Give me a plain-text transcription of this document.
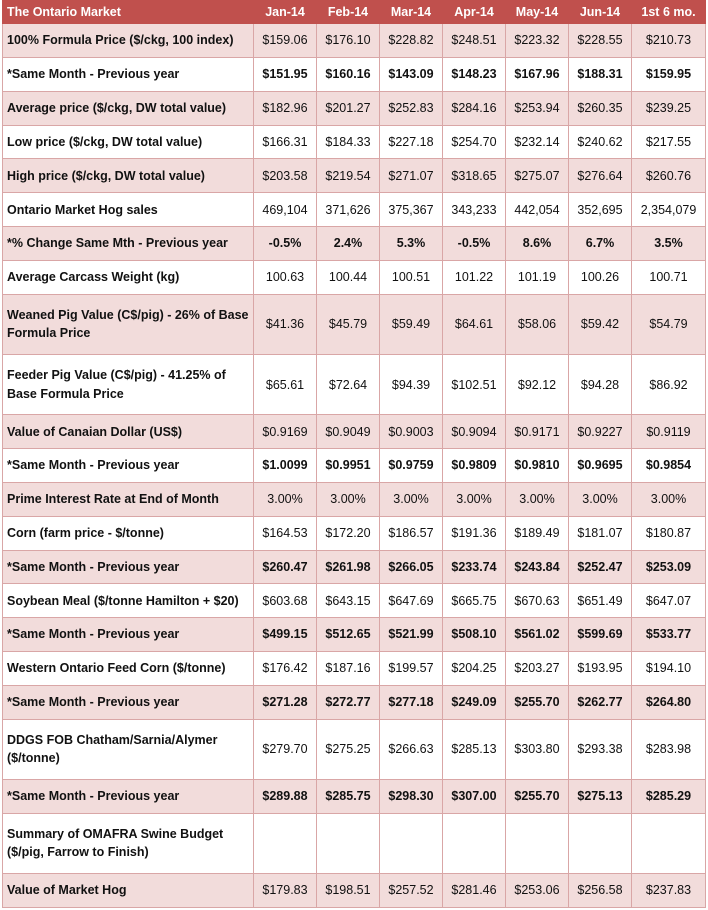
The Ontario Market	Jan-14	Feb-14	Mar-14	Apr-14	May-14	Jun-14	1st 6 mo.
100% Formula Price ($/ckg, 100 index)	$159.06	$176.10	$228.82	$248.51	$223.32	$228.55	$210.73
*Same Month - Previous year	$151.95	$160.16	$143.09	$148.23	$167.96	$188.31	$159.95
Average price ($/ckg, DW total value)	$182.96	$201.27	$252.83	$284.16	$253.94	$260.35	$239.25
Low price ($/ckg, DW total value)	$166.31	$184.33	$227.18	$254.70	$232.14	$240.62	$217.55
High price ($/ckg, DW total value)	$203.58	$219.54	$271.07	$318.65	$275.07	$276.64	$260.76
Ontario Market Hog sales	469,104	371,626	375,367	343,233	442,054	352,695	2,354,079
*% Change Same Mth - Previous year	-0.5%	2.4%	5.3%	-0.5%	8.6%	6.7%	3.5%
Average Carcass Weight (kg)	100.63	100.44	100.51	101.22	101.19	100.26	100.71
Weaned Pig Value (C$/pig) - 26% of Base Formula Price	$41.36	$45.79	$59.49	$64.61	$58.06	$59.42	$54.79
Feeder Pig Value (C$/pig) - 41.25% of Base Formula Price	$65.61	$72.64	$94.39	$102.51	$92.12	$94.28	$86.92
Value of Canaian Dollar (US$)	$0.9169	$0.9049	$0.9003	$0.9094	$0.9171	$0.9227	$0.9119
*Same Month - Previous year	$1.0099	$0.9951	$0.9759	$0.9809	$0.9810	$0.9695	$0.9854
Prime Interest Rate at End of Month	3.00%	3.00%	3.00%	3.00%	3.00%	3.00%	3.00%
Corn (farm price - $/tonne)	$164.53	$172.20	$186.57	$191.36	$189.49	$181.07	$180.87
*Same Month - Previous year	$260.47	$261.98	$266.05	$233.74	$243.84	$252.47	$253.09
Soybean Meal ($/tonne Hamilton + $20)	$603.68	$643.15	$647.69	$665.75	$670.63	$651.49	$647.07
*Same Month - Previous year	$499.15	$512.65	$521.99	$508.10	$561.02	$599.69	$533.77
Western Ontario Feed Corn ($/tonne)	$176.42	$187.16	$199.57	$204.25	$203.27	$193.95	$194.10
*Same Month - Previous year	$271.28	$272.77	$277.18	$249.09	$255.70	$262.77	$264.80
DDGS FOB Chatham/Sarnia/Alymer ($/tonne)	$279.70	$275.25	$266.63	$285.13	$303.80	$293.38	$283.98
*Same Month - Previous year	$289.88	$285.75	$298.30	$307.00	$255.70	$275.13	$285.29
Summary of OMAFRA Swine Budget ($/pig, Farrow to Finish)							
Value of Market Hog	$179.83	$198.51	$257.52	$281.46	$253.06	$256.58	$237.83
